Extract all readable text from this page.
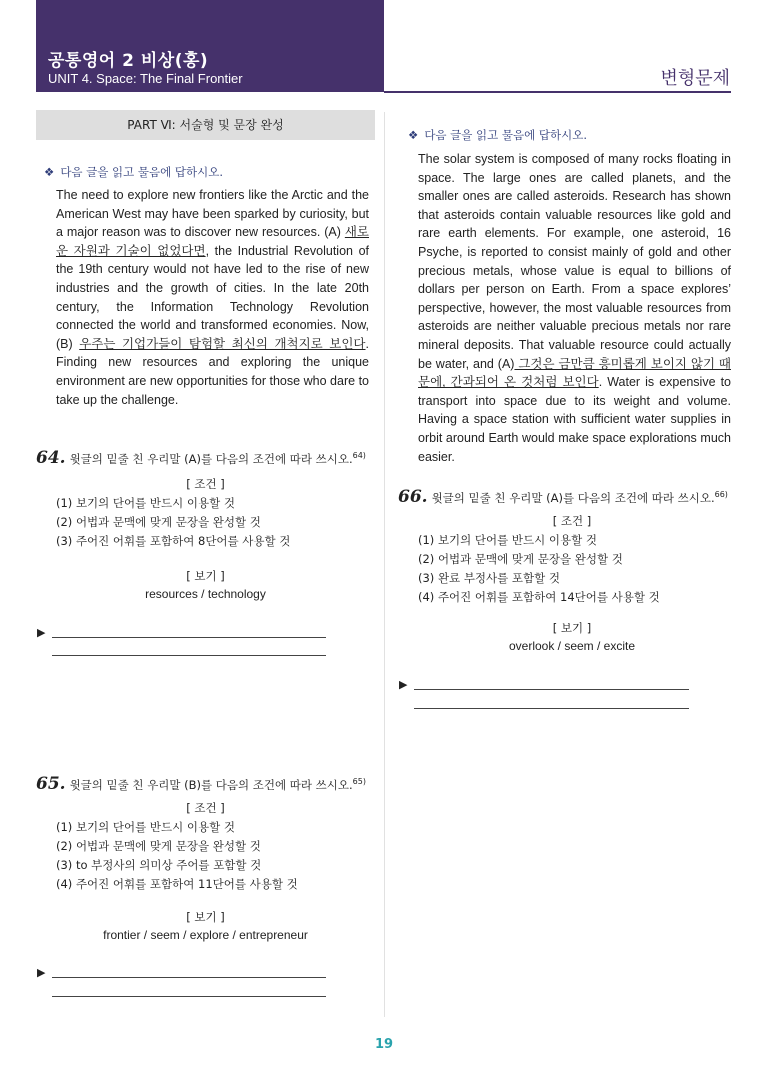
공통영어 2 비상(홍)
UNIT 4. Space: The Final Frontier	변형문제
PART Ⅵ: 서술형 및 문장 완성
❖ 다음 글을 읽고 물음에 답하시오.
The need to explore new frontiers like the Arctic and the American West may have been sparked by curiosity, but a major reason was to discover new resources. (A) 새로운 자원과 기술이 없었다면, the Industrial Revolution of the 19th century would not have led to the rise of new industries and the growth of cities. In the late 20th century, the Information Technology Revolution connected the world and transformed economies. Now, (B) 우주는 기업가들이 탐험할 최신의 개척지로 보인다. Finding new resources and exploring the unique environment are new opportunities for those who dare to take up the challenge.
64. 윗글의 밑줄 친 우리말 (A)를 다음의 조건에 따라 쓰시오.$^{64)}$
[ 조건 ]
(1) 보기의 단어를 반드시 이용할 것
(2) 어법과 문맥에 맞게 문장을 완성할 것
(3) 주어진 어휘를 포함하여 8단어를 사용할 것
[ 보기 ]
resources / technology
▶
65. 윗글의 밑줄 친 우리말 (B)를 다음의 조건에 따라 쓰시오.$^{65)}$
[ 조건 ]
(1) 보기의 단어를 반드시 이용할 것
(2) 어법과 문맥에 맞게 문장을 완성할 것
(3) to 부정사의 의미상 주어를 포함할 것
(4) 주어진 어휘를 포함하여 11단어를 사용할 것
[ 보기 ]
frontier / seem / explore / entrepreneur
▶
❖ 다음 글을 읽고 물음에 답하시오.
The solar system is composed of many rocks floating in space. The large ones are called planets, and the smaller ones are called asteroids. Research has shown that asteroids contain valuable resources like gold and rare earth elements. For example, one asteroid, 16 Psyche, is reported to consist mainly of gold and other precious metals, whose value is equal to billions of dollars per person on Earth. From a space explores’ perspective, however, the most valuable resources from asteroids are neither valuable precious metals nor rare mineral deposits. That valuable resource could actually be water, and (A) 그것은 금만큼 흥미롭게 보이지 않기 때문에, 간과되어 온 것처럼 보인다. Water is expensive to transport into space due to its weight and volume. Having a space station with sufficient water supplies in orbit around Earth would make space explorations much easier.
66. 윗글의 밑줄 친 우리말 (A)를 다음의 조건에 따라 쓰시오.$^{66)}$
[ 조건 ]
(1) 보기의 단어를 반드시 이용할 것
(2) 어법과 문맥에 맞게 문장을 완성할 것
(3) 완료 부정사를 포함할 것
(4) 주어진 어휘를 포함하여 14단어를 사용할 것
[ 보기 ]
overlook / seem / excite
▶
19
